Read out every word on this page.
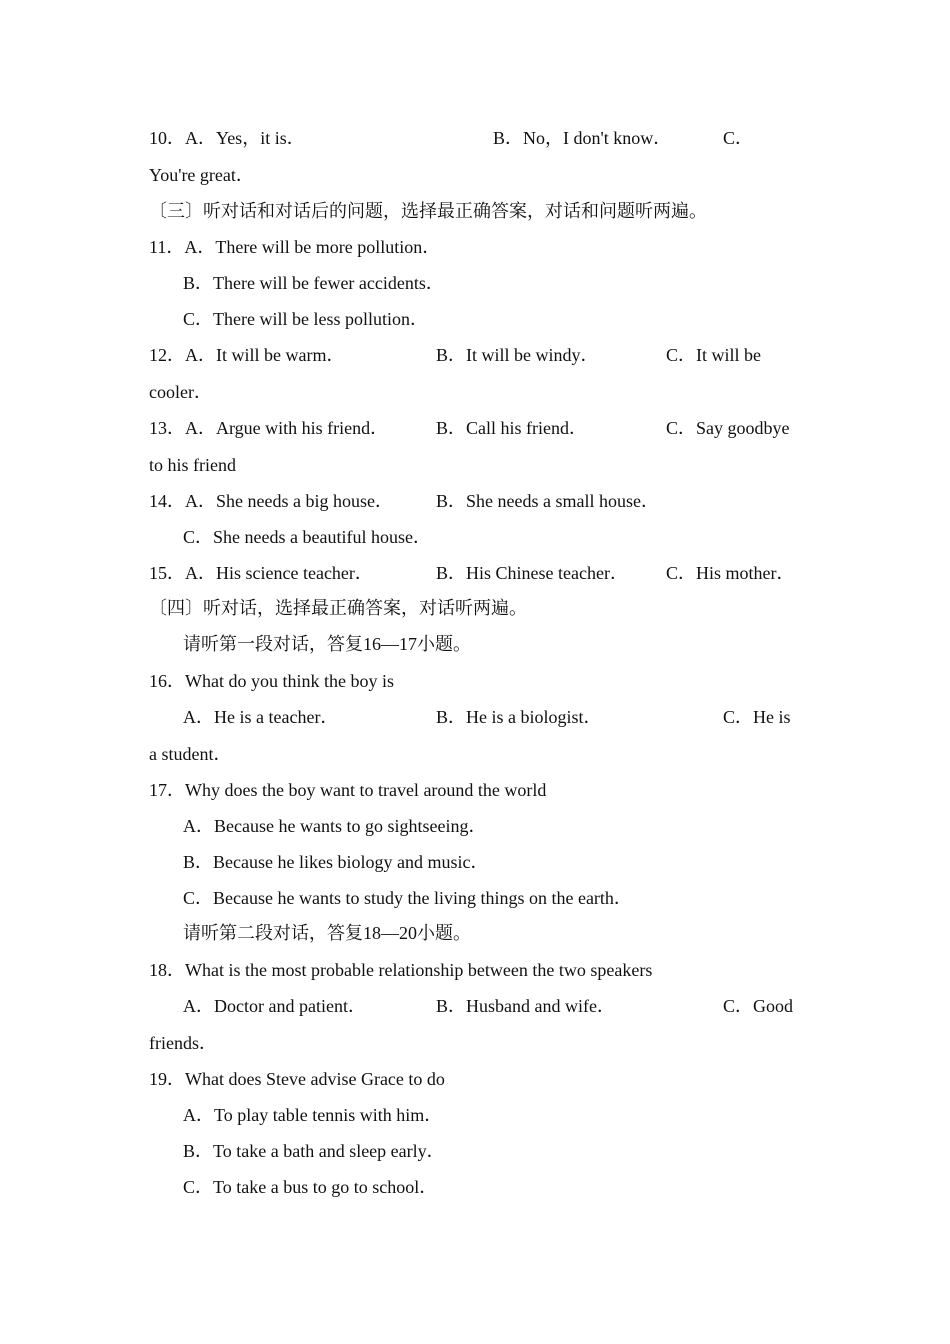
10．A．Yes，it is．	B．No，I don't know．	C．
You're great．
〔三〕听对话和对话后的问题，选择最正确答案，对话和问题听两遍。
11．A．There will be more pollution．
B．There will be fewer accidents．
C．There will be less pollution．
12．A．It will be warm．	B．It will be windy．	C．It will be
cooler．
13．A．Argue with his friend．	B．Call his friend．	C．Say goodbye
to his friend
14．A．She needs a big house． B．She needs a small house．
C．She needs a beautiful house．
15．A．His science teacher．	B．His Chinese teacher． C．His mother．
〔四〕听对话，选择最正确答案，对话听两遍。
请听第一段对话，答复16—17小题。
16．What do you think the boy is
A．He is a teacher．	B．He is a biologist．	C．He is
a student．
17．Why does the boy want to travel around the world
A．Because he wants to go sightseeing．
B．Because he likes biology and music．
C．Because he wants to study the living things on the earth．
请听第二段对话，答复18—20小题。
18．What is the most probable relationship between the two speakers
A．Doctor and patient．	B．Husband and wife．	C．Good
friends．
19．What does Steve advise Grace to do
A．To play table tennis with him．
B．To take a bath and sleep early．
C．To take a bus to go to school．
